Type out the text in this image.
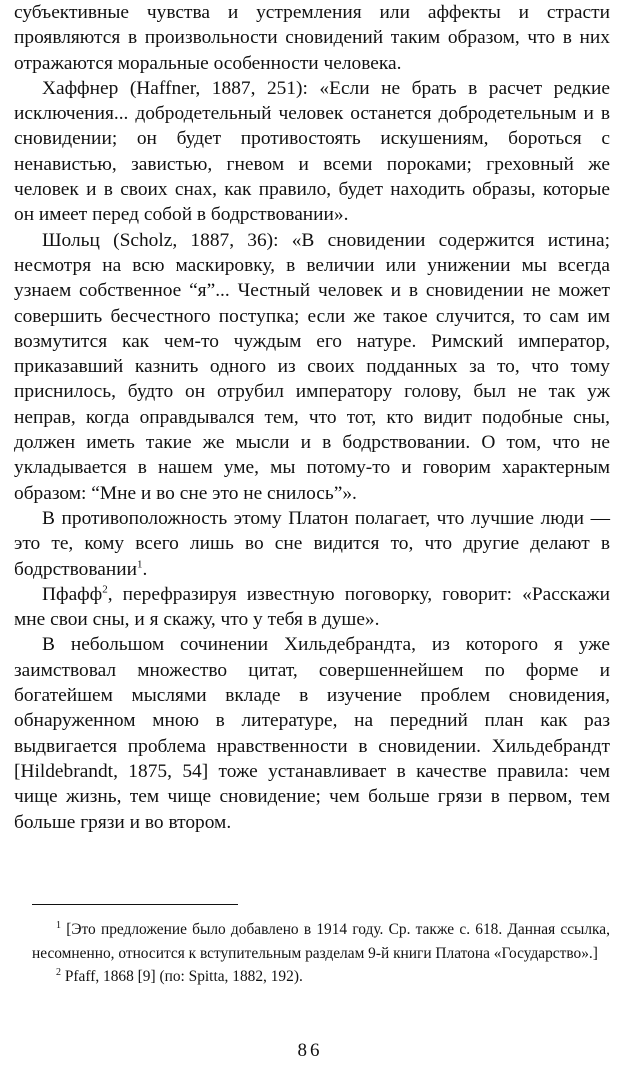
субъективные чувства и устремления или аффекты и страсти проявляются в произвольности сновидений таким образом, что в них отражаются моральные особенности человека.

Хаффнер (Haffner, 1887, 251): «Если не брать в расчет редкие исключения... добродетельный человек останется добродетельным и в сновидении; он будет противостоять искушениям, бороться с ненавистью, завистью, гневом и всеми пороками; греховный же человек и в своих снах, как правило, будет находить образы, которые он имеет перед собой в бодрствовании».

Шольц (Scholz, 1887, 36): «В сновидении содержится истина; несмотря на всю маскировку, в величии или унижении мы всегда узнаем собственное “я”... Честный человек и в сновидении не может совершить бесчестного поступка; если же такое случится, то сам им возмутится как чем-то чуждым его натуре. Римский император, приказавший казнить одного из своих подданных за то, что тому приснилось, будто он отрубил императору голову, был не так уж неправ, когда оправдывался тем, что тот, кто видит подобные сны, должен иметь такие же мысли и в бодрствовании. О том, что не укладывается в нашем уме, мы потому-то и говорим характерным образом: “Мне и во сне это не снилось”».

В противоположность этому Платон полагает, что лучшие люди — это те, кому всего лишь во сне видится то, что другие делают в бодрствовании$^1$.

Пфафф$^2$, перефразируя известную поговорку, говорит: «Расскажи мне свои сны, и я скажу, что у тебя в душе».

В небольшом сочинении Хильдебрандта, из которого я уже заимствовал множество цитат, совершеннейшем по форме и богатейшем мыслями вкладе в изучение проблем сновидения, обнаруженном мною в литературе, на передний план как раз выдвигается проблема нравственности в сновидении. Хильдебрандт [Hildebrandt, 1875, 54] тоже устанавливает в качестве правила: чем чище жизнь, тем чище сновидение; чем больше грязи в первом, тем больше грязи и во втором.

$^1$ [Это предложение было добавлено в 1914 году. Ср. также с. 618. Данная ссылка, несомненно, относится к вступительным разделам 9-й книги Платона «Государство».]

$^2$ Pfaff, 1868 [9] (по: Spitta, 1882, 192).

86
